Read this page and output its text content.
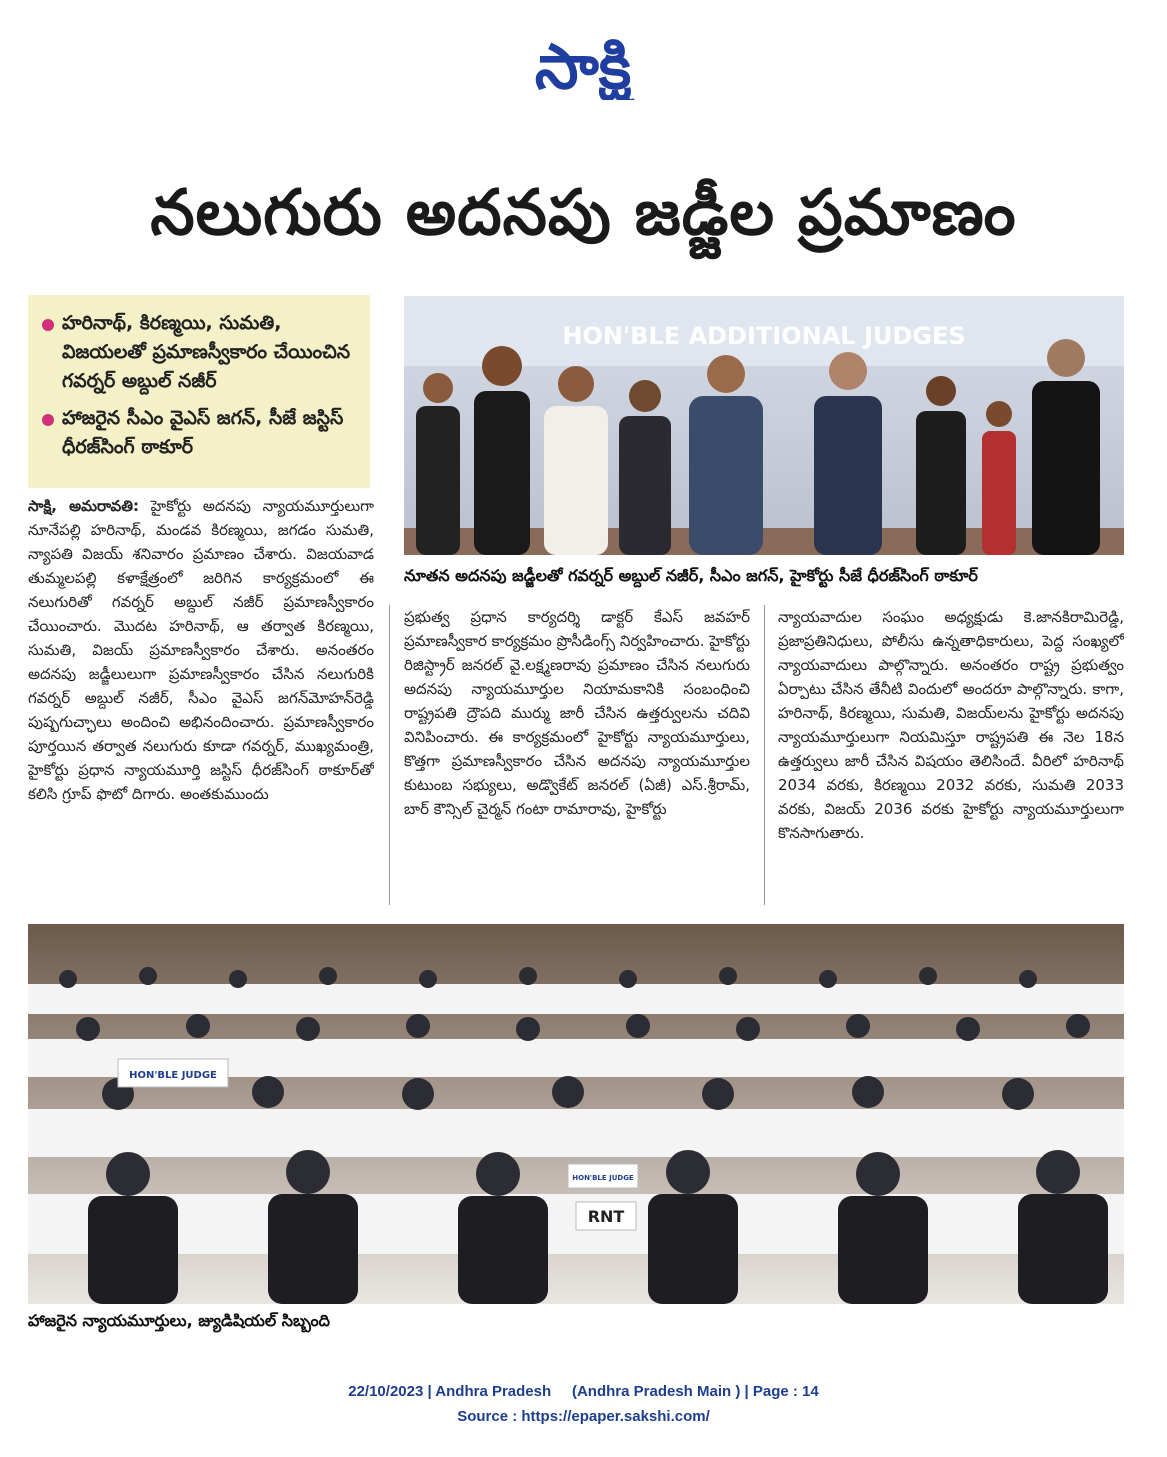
సాక్షి
నలుగురు అదనపు జడ్జీల ప్రమాణం
హరినాథ్, కిరణ్మయి, సుమతి, విజయలతో ప్రమాణస్వీకారం చేయించిన గవర్నర్ అబ్దుల్ నజీర్
హాజరైన సీఎం వైఎస్ జగన్, సీజే జస్టిస్ ధీరజ్‌సింగ్ ఠాకూర్
HON'BLE ADDITIONAL JUDGES
నూతన అదనపు జడ్జీలతో గవర్నర్ అబ్దుల్ నజీర్, సీఎం జగన్, హైకోర్టు సీజే ధీరజ్‌సింగ్ ఠాకూర్
సాక్షి, అమరావతి: హైకోర్టు అదనపు న్యాయమూర్తులుగా నూనేపల్లి హరినాథ్, మండవ కిరణ్మయి, జగడం సుమతి, న్యాపతి విజయ్ శనివారం ప్రమాణం చేశారు. విజయవాడ తుమ్మలపల్లి కళాక్షేత్రంలో జరిగిన కార్యక్రమంలో ఈ నలుగురితో గవర్నర్ అబ్దుల్ నజీర్ ప్రమాణస్వీకారం చేయించారు. మొదట హరినాథ్, ఆ తర్వాత కిరణ్మయి, సుమతి, విజయ్ ప్రమాణస్వీకారం చేశారు. అనంతరం అదనపు జడ్జీలులుగా ప్రమాణస్వీకారం చేసిన నలుగురికి గవర్నర్ అబ్దుల్ నజీర్, సీఎం వైఎస్ జగన్‌మోహన్‌రెడ్డి పుష్పగుచ్ఛాలు అందించి అభినందించారు. ప్రమాణస్వీకారం పూర్తయిన తర్వాత నలుగురు కూడా గవర్నర్, ముఖ్యమంత్రి, హైకోర్టు ప్రధాన న్యాయమూర్తి జస్టిస్ ధీరజ్‌సింగ్ ఠాకూర్‌తో కలిసి గ్రూప్ ఫొటో దిగారు. అంతకుముందు
ప్రభుత్వ ప్రధాన కార్యదర్శి డాక్టర్ కేఎస్ జవహర్ ప్రమాణస్వీకార కార్యక్రమం ప్రొసీడింగ్స్ నిర్వహించారు. హైకోర్టు రిజిస్ట్రార్ జనరల్ వై.లక్ష్మణరావు ప్రమాణం చేసిన నలుగురు అదనపు న్యాయమూర్తుల నియామకానికి సంబంధించి రాష్ట్రపతి ద్రౌపది ముర్ము జారీ చేసిన ఉత్తర్వులను చదివి వినిపించారు. ఈ కార్యక్రమంలో హైకోర్టు న్యాయమూర్తులు, కొత్తగా ప్రమాణస్వీకారం చేసిన అదనపు న్యాయమూర్తుల కుటుంబ సభ్యులు, అడ్వొకేట్ జనరల్ (ఏజీ) ఎస్.శ్రీరామ్, బార్ కౌన్సిల్ చైర్మన్ గంటా రామారావు, హైకోర్టు
న్యాయవాదుల సంఘం అధ్యక్షుడు కె.జానకిరామిరెడ్డి, ప్రజాప్రతినిధులు, పోలీసు ఉన్నతాధికారులు, పెద్ద సంఖ్యలో న్యాయవాదులు పాల్గొన్నారు. అనంతరం రాష్ట్ర ప్రభుత్వం ఏర్పాటు చేసిన తేనీటి విందులో అందరూ పాల్గొన్నారు. కాగా, హరినాథ్, కిరణ్మయి, సుమతి, విజయ్‌లను హైకోర్టు అదనపు న్యాయమూర్తులుగా నియమిస్తూ రాష్ట్రపతి ఈ నెల 18న ఉత్తర్వులు జారీ చేసిన విషయం తెలిసిందే. వీరిలో హరినాథ్ 2034 వరకు, కిరణ్మయి 2032 వరకు, సుమతి 2033 వరకు, విజయ్ 2036 వరకు హైకోర్టు న్యాయమూర్తులుగా కొనసాగుతారు.
HON'BLE JUDGE
HON'BLE JUDGE
RNT
హాజరైన న్యాయమూర్తులు, జ్యుడిషియల్ సిబ్బంది
22/10/2023 | Andhra Pradesh     (Andhra Pradesh Main ) | Page : 14
Source : https://epaper.sakshi.com/
